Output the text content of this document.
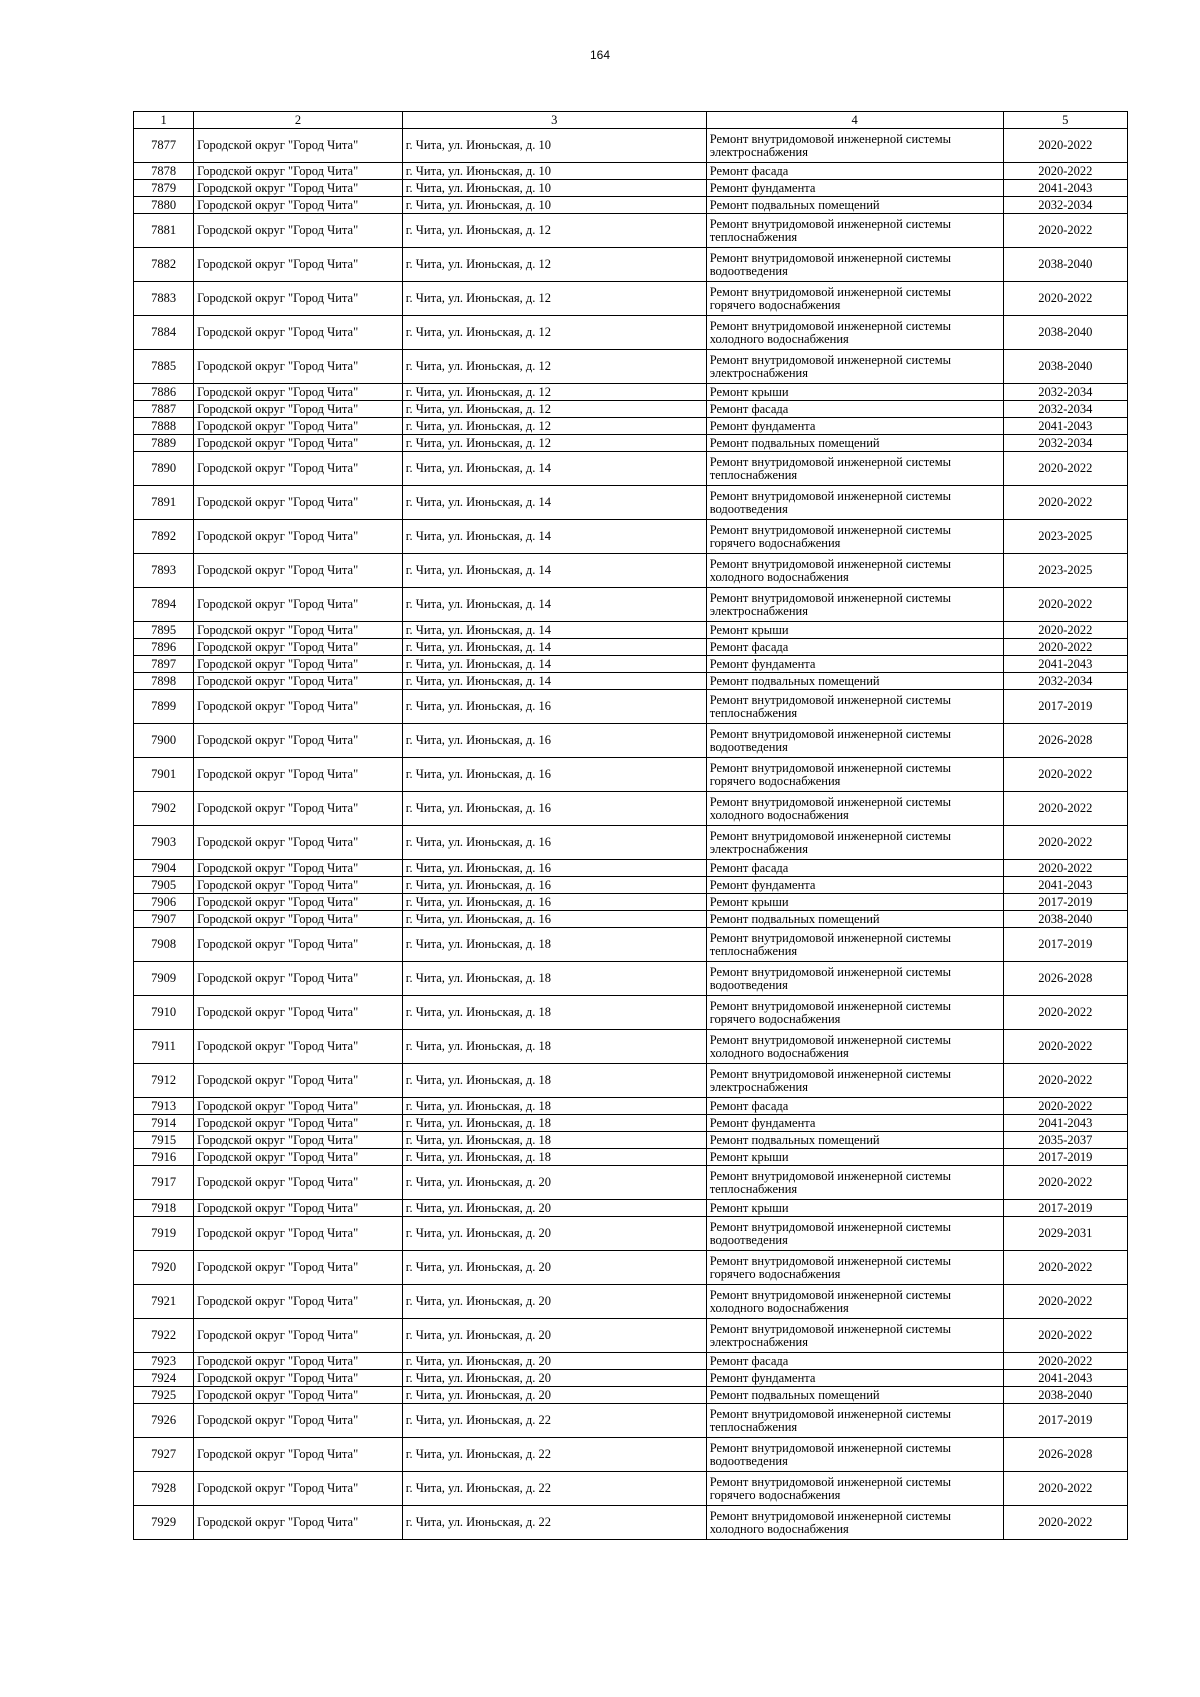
164
1	2	3	4	5
7877	Городской округ "Город Чита"	г. Чита, ул. Июньская, д. 10	Ремонт внутридомовой инженерной системы электроснабжения	2020-2022
7878	Городской округ "Город Чита"	г. Чита, ул. Июньская, д. 10	Ремонт фасада	2020-2022
7879	Городской округ "Город Чита"	г. Чита, ул. Июньская, д. 10	Ремонт фундамента	2041-2043
7880	Городской округ "Город Чита"	г. Чита, ул. Июньская, д. 10	Ремонт подвальных помещений	2032-2034
7881	Городской округ "Город Чита"	г. Чита, ул. Июньская, д. 12	Ремонт внутридомовой инженерной системы теплоснабжения	2020-2022
7882	Городской округ "Город Чита"	г. Чита, ул. Июньская, д. 12	Ремонт внутридомовой инженерной системы водоотведения	2038-2040
7883	Городской округ "Город Чита"	г. Чита, ул. Июньская, д. 12	Ремонт внутридомовой инженерной системы горячего водоснабжения	2020-2022
7884	Городской округ "Город Чита"	г. Чита, ул. Июньская, д. 12	Ремонт внутридомовой инженерной системы холодного водоснабжения	2038-2040
7885	Городской округ "Город Чита"	г. Чита, ул. Июньская, д. 12	Ремонт внутридомовой инженерной системы электроснабжения	2038-2040
7886	Городской округ "Город Чита"	г. Чита, ул. Июньская, д. 12	Ремонт крыши	2032-2034
7887	Городской округ "Город Чита"	г. Чита, ул. Июньская, д. 12	Ремонт фасада	2032-2034
7888	Городской округ "Город Чита"	г. Чита, ул. Июньская, д. 12	Ремонт фундамента	2041-2043
7889	Городской округ "Город Чита"	г. Чита, ул. Июньская, д. 12	Ремонт подвальных помещений	2032-2034
7890	Городской округ "Город Чита"	г. Чита, ул. Июньская, д. 14	Ремонт внутридомовой инженерной системы теплоснабжения	2020-2022
7891	Городской округ "Город Чита"	г. Чита, ул. Июньская, д. 14	Ремонт внутридомовой инженерной системы водоотведения	2020-2022
7892	Городской округ "Город Чита"	г. Чита, ул. Июньская, д. 14	Ремонт внутридомовой инженерной системы горячего водоснабжения	2023-2025
7893	Городской округ "Город Чита"	г. Чита, ул. Июньская, д. 14	Ремонт внутридомовой инженерной системы холодного водоснабжения	2023-2025
7894	Городской округ "Город Чита"	г. Чита, ул. Июньская, д. 14	Ремонт внутридомовой инженерной системы электроснабжения	2020-2022
7895	Городской округ "Город Чита"	г. Чита, ул. Июньская, д. 14	Ремонт крыши	2020-2022
7896	Городской округ "Город Чита"	г. Чита, ул. Июньская, д. 14	Ремонт фасада	2020-2022
7897	Городской округ "Город Чита"	г. Чита, ул. Июньская, д. 14	Ремонт фундамента	2041-2043
7898	Городской округ "Город Чита"	г. Чита, ул. Июньская, д. 14	Ремонт подвальных помещений	2032-2034
7899	Городской округ "Город Чита"	г. Чита, ул. Июньская, д. 16	Ремонт внутридомовой инженерной системы теплоснабжения	2017-2019
7900	Городской округ "Город Чита"	г. Чита, ул. Июньская, д. 16	Ремонт внутридомовой инженерной системы водоотведения	2026-2028
7901	Городской округ "Город Чита"	г. Чита, ул. Июньская, д. 16	Ремонт внутридомовой инженерной системы горячего водоснабжения	2020-2022
7902	Городской округ "Город Чита"	г. Чита, ул. Июньская, д. 16	Ремонт внутридомовой инженерной системы холодного водоснабжения	2020-2022
7903	Городской округ "Город Чита"	г. Чита, ул. Июньская, д. 16	Ремонт внутридомовой инженерной системы электроснабжения	2020-2022
7904	Городской округ "Город Чита"	г. Чита, ул. Июньская, д. 16	Ремонт фасада	2020-2022
7905	Городской округ "Город Чита"	г. Чита, ул. Июньская, д. 16	Ремонт фундамента	2041-2043
7906	Городской округ "Город Чита"	г. Чита, ул. Июньская, д. 16	Ремонт крыши	2017-2019
7907	Городской округ "Город Чита"	г. Чита, ул. Июньская, д. 16	Ремонт подвальных помещений	2038-2040
7908	Городской округ "Город Чита"	г. Чита, ул. Июньская, д. 18	Ремонт внутридомовой инженерной системы теплоснабжения	2017-2019
7909	Городской округ "Город Чита"	г. Чита, ул. Июньская, д. 18	Ремонт внутридомовой инженерной системы водоотведения	2026-2028
7910	Городской округ "Город Чита"	г. Чита, ул. Июньская, д. 18	Ремонт внутридомовой инженерной системы горячего водоснабжения	2020-2022
7911	Городской округ "Город Чита"	г. Чита, ул. Июньская, д. 18	Ремонт внутридомовой инженерной системы холодного водоснабжения	2020-2022
7912	Городской округ "Город Чита"	г. Чита, ул. Июньская, д. 18	Ремонт внутридомовой инженерной системы электроснабжения	2020-2022
7913	Городской округ "Город Чита"	г. Чита, ул. Июньская, д. 18	Ремонт фасада	2020-2022
7914	Городской округ "Город Чита"	г. Чита, ул. Июньская, д. 18	Ремонт фундамента	2041-2043
7915	Городской округ "Город Чита"	г. Чита, ул. Июньская, д. 18	Ремонт подвальных помещений	2035-2037
7916	Городской округ "Город Чита"	г. Чита, ул. Июньская, д. 18	Ремонт крыши	2017-2019
7917	Городской округ "Город Чита"	г. Чита, ул. Июньская, д. 20	Ремонт внутридомовой инженерной системы теплоснабжения	2020-2022
7918	Городской округ "Город Чита"	г. Чита, ул. Июньская, д. 20	Ремонт крыши	2017-2019
7919	Городской округ "Город Чита"	г. Чита, ул. Июньская, д. 20	Ремонт внутридомовой инженерной системы водоотведения	2029-2031
7920	Городской округ "Город Чита"	г. Чита, ул. Июньская, д. 20	Ремонт внутридомовой инженерной системы горячего водоснабжения	2020-2022
7921	Городской округ "Город Чита"	г. Чита, ул. Июньская, д. 20	Ремонт внутридомовой инженерной системы холодного водоснабжения	2020-2022
7922	Городской округ "Город Чита"	г. Чита, ул. Июньская, д. 20	Ремонт внутридомовой инженерной системы электроснабжения	2020-2022
7923	Городской округ "Город Чита"	г. Чита, ул. Июньская, д. 20	Ремонт фасада	2020-2022
7924	Городской округ "Город Чита"	г. Чита, ул. Июньская, д. 20	Ремонт фундамента	2041-2043
7925	Городской округ "Город Чита"	г. Чита, ул. Июньская, д. 20	Ремонт подвальных помещений	2038-2040
7926	Городской округ "Город Чита"	г. Чита, ул. Июньская, д. 22	Ремонт внутридомовой инженерной системы теплоснабжения	2017-2019
7927	Городской округ "Город Чита"	г. Чита, ул. Июньская, д. 22	Ремонт внутридомовой инженерной системы водоотведения	2026-2028
7928	Городской округ "Город Чита"	г. Чита, ул. Июньская, д. 22	Ремонт внутридомовой инженерной системы горячего водоснабжения	2020-2022
7929	Городской округ "Город Чита"	г. Чита, ул. Июньская, д. 22	Ремонт внутридомовой инженерной системы холодного водоснабжения	2020-2022
